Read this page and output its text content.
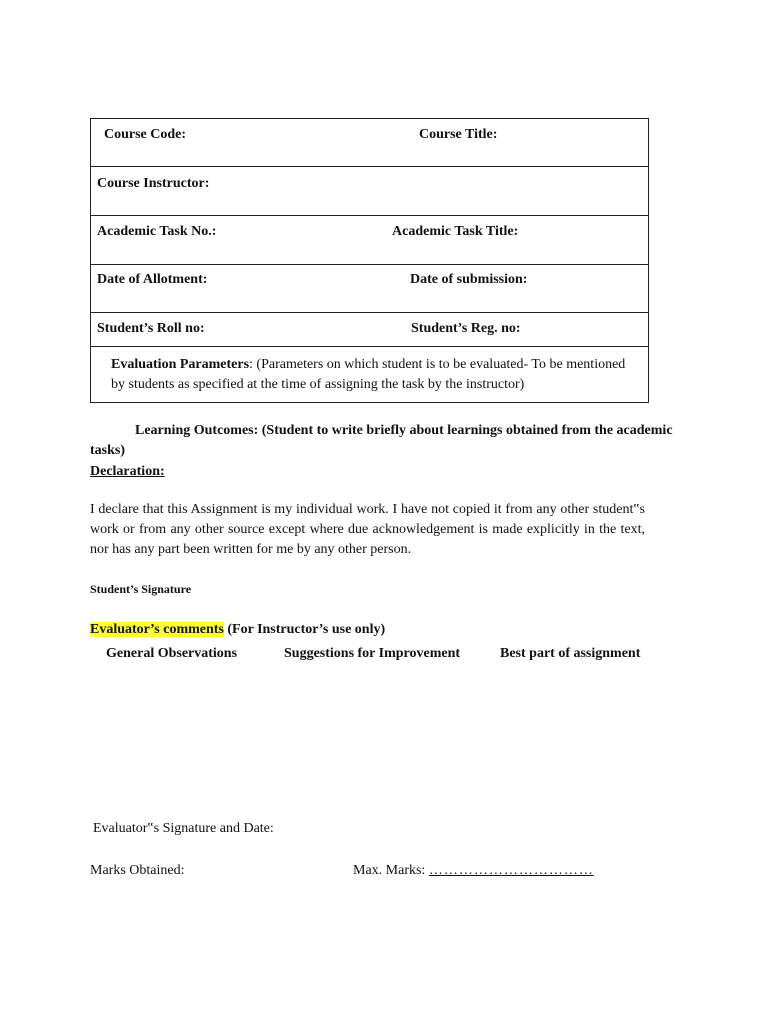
Course Code:	Course Title:
Course Instructor:
Academic Task No.:	Academic Task Title:
Date of Allotment:	Date of submission:
Student’s Roll no:	Student’s Reg. no:
Evaluation Parameters: (Parameters on which student is to be evaluated- To be mentioned by students as specified at the time of assigning the task by the instructor)
Learning Outcomes: (Student to write briefly about learnings obtained from the academic tasks)
Declaration:
I declare that this Assignment is my individual work. I have not copied it from any other student‟s work or from any other source except where due acknowledgement is made explicitly in the text, nor has any part been written for me by any other person.
Student’s Signature
Evaluator’s comments (For Instructor’s use only)
General Observations	Suggestions for Improvement	Best part of assignment
Evaluator‟s Signature and Date:
Marks Obtained:	Max. Marks: ……………………………
